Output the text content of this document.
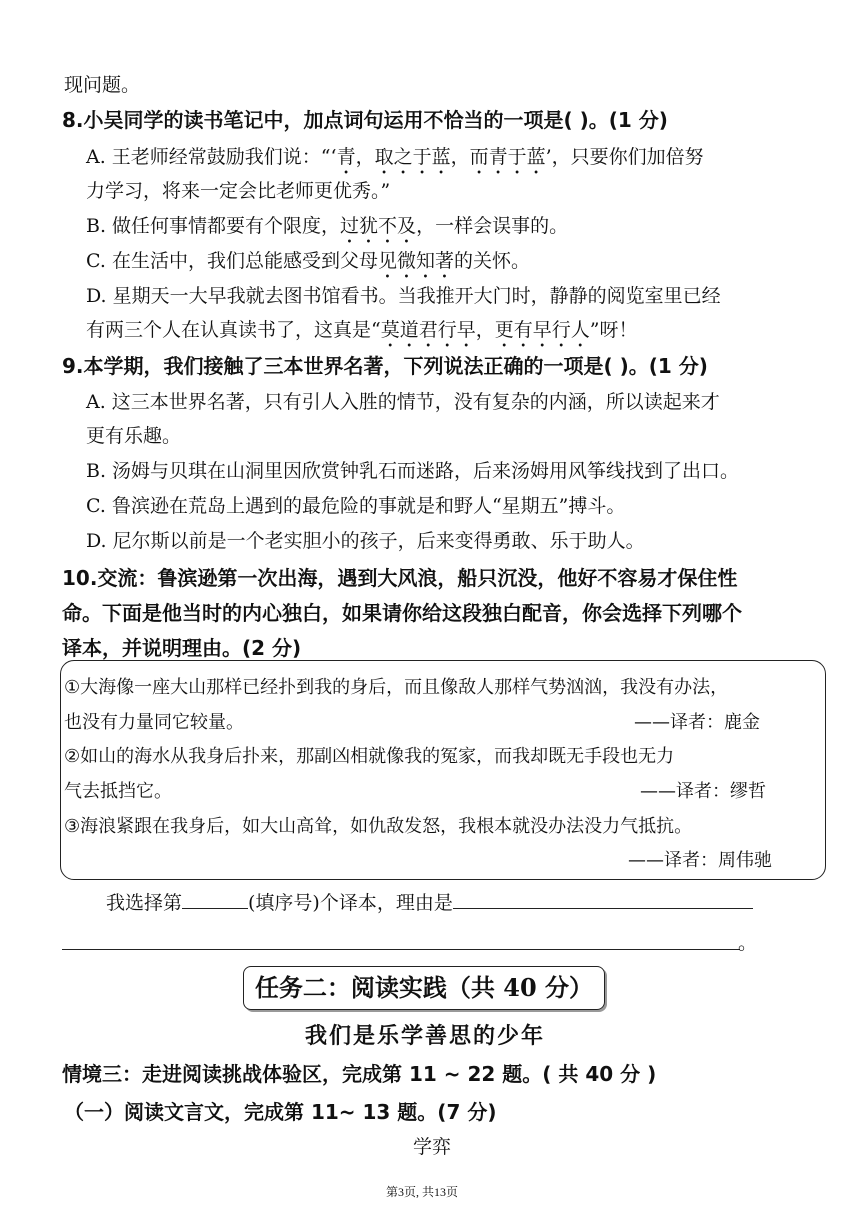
现问题。
8.小吴同学的读书笔记中，加点词句运用不恰当的一项是( )。(1 分)
A. 王老师经常鼓励我们说：“‘青，取之于蓝，而青于蓝’，只要你们加倍努
力学习，将来一定会比老师更优秀。”
B. 做任何事情都要有个限度，过犹不及，一样会误事的。
C. 在生活中，我们总能感受到父母见微知著的关怀。
D. 星期天一大早我就去图书馆看书。当我推开大门时，静静的阅览室里已经
有两三个人在认真读书了，这真是“莫道君行早，更有早行人”呀！
9.本学期，我们接触了三本世界名著，下列说法正确的一项是( )。(1 分)
A. 这三本世界名著，只有引人入胜的情节，没有复杂的内涵，所以读起来才
更有乐趣。
B. 汤姆与贝琪在山洞里因欣赏钟乳石而迷路，后来汤姆用风筝线找到了出口。
C. 鲁滨逊在荒岛上遇到的最危险的事就是和野人“星期五”搏斗。
D. 尼尔斯以前是一个老实胆小的孩子，后来变得勇敢、乐于助人。
10.交流：鲁滨逊第一次出海，遇到大风浪，船只沉没，他好不容易才保住性
命。下面是他当时的内心独白，如果请你给这段独白配音，你会选择下列哪个
译本，并说明理由。(2 分)
①大海像一座大山那样已经扑到我的身后，而且像敌人那样气势汹汹，我没有办法，
也没有力量同它较量。	——译者：鹿金
②如山的海水从我身后扑来，那副凶相就像我的冤家，而我却既无手段也无力
气去抵挡它。	——译者：缪哲
③海浪紧跟在我身后，如大山高耸，如仇敌发怒，我根本就没办法没力气抵抗。
——译者：周伟驰
我选择第	(填序号)个译本，理由是
。
任务二：阅读实践（共 40 分）
我们是乐学善思的少年
情境三：走进阅读挑战体验区，完成第 11 ~ 22 题。( 共 40 分 )
（一）阅读文言文，完成第 11~ 13 题。(7 分)
学弈
第3页, 共13页
